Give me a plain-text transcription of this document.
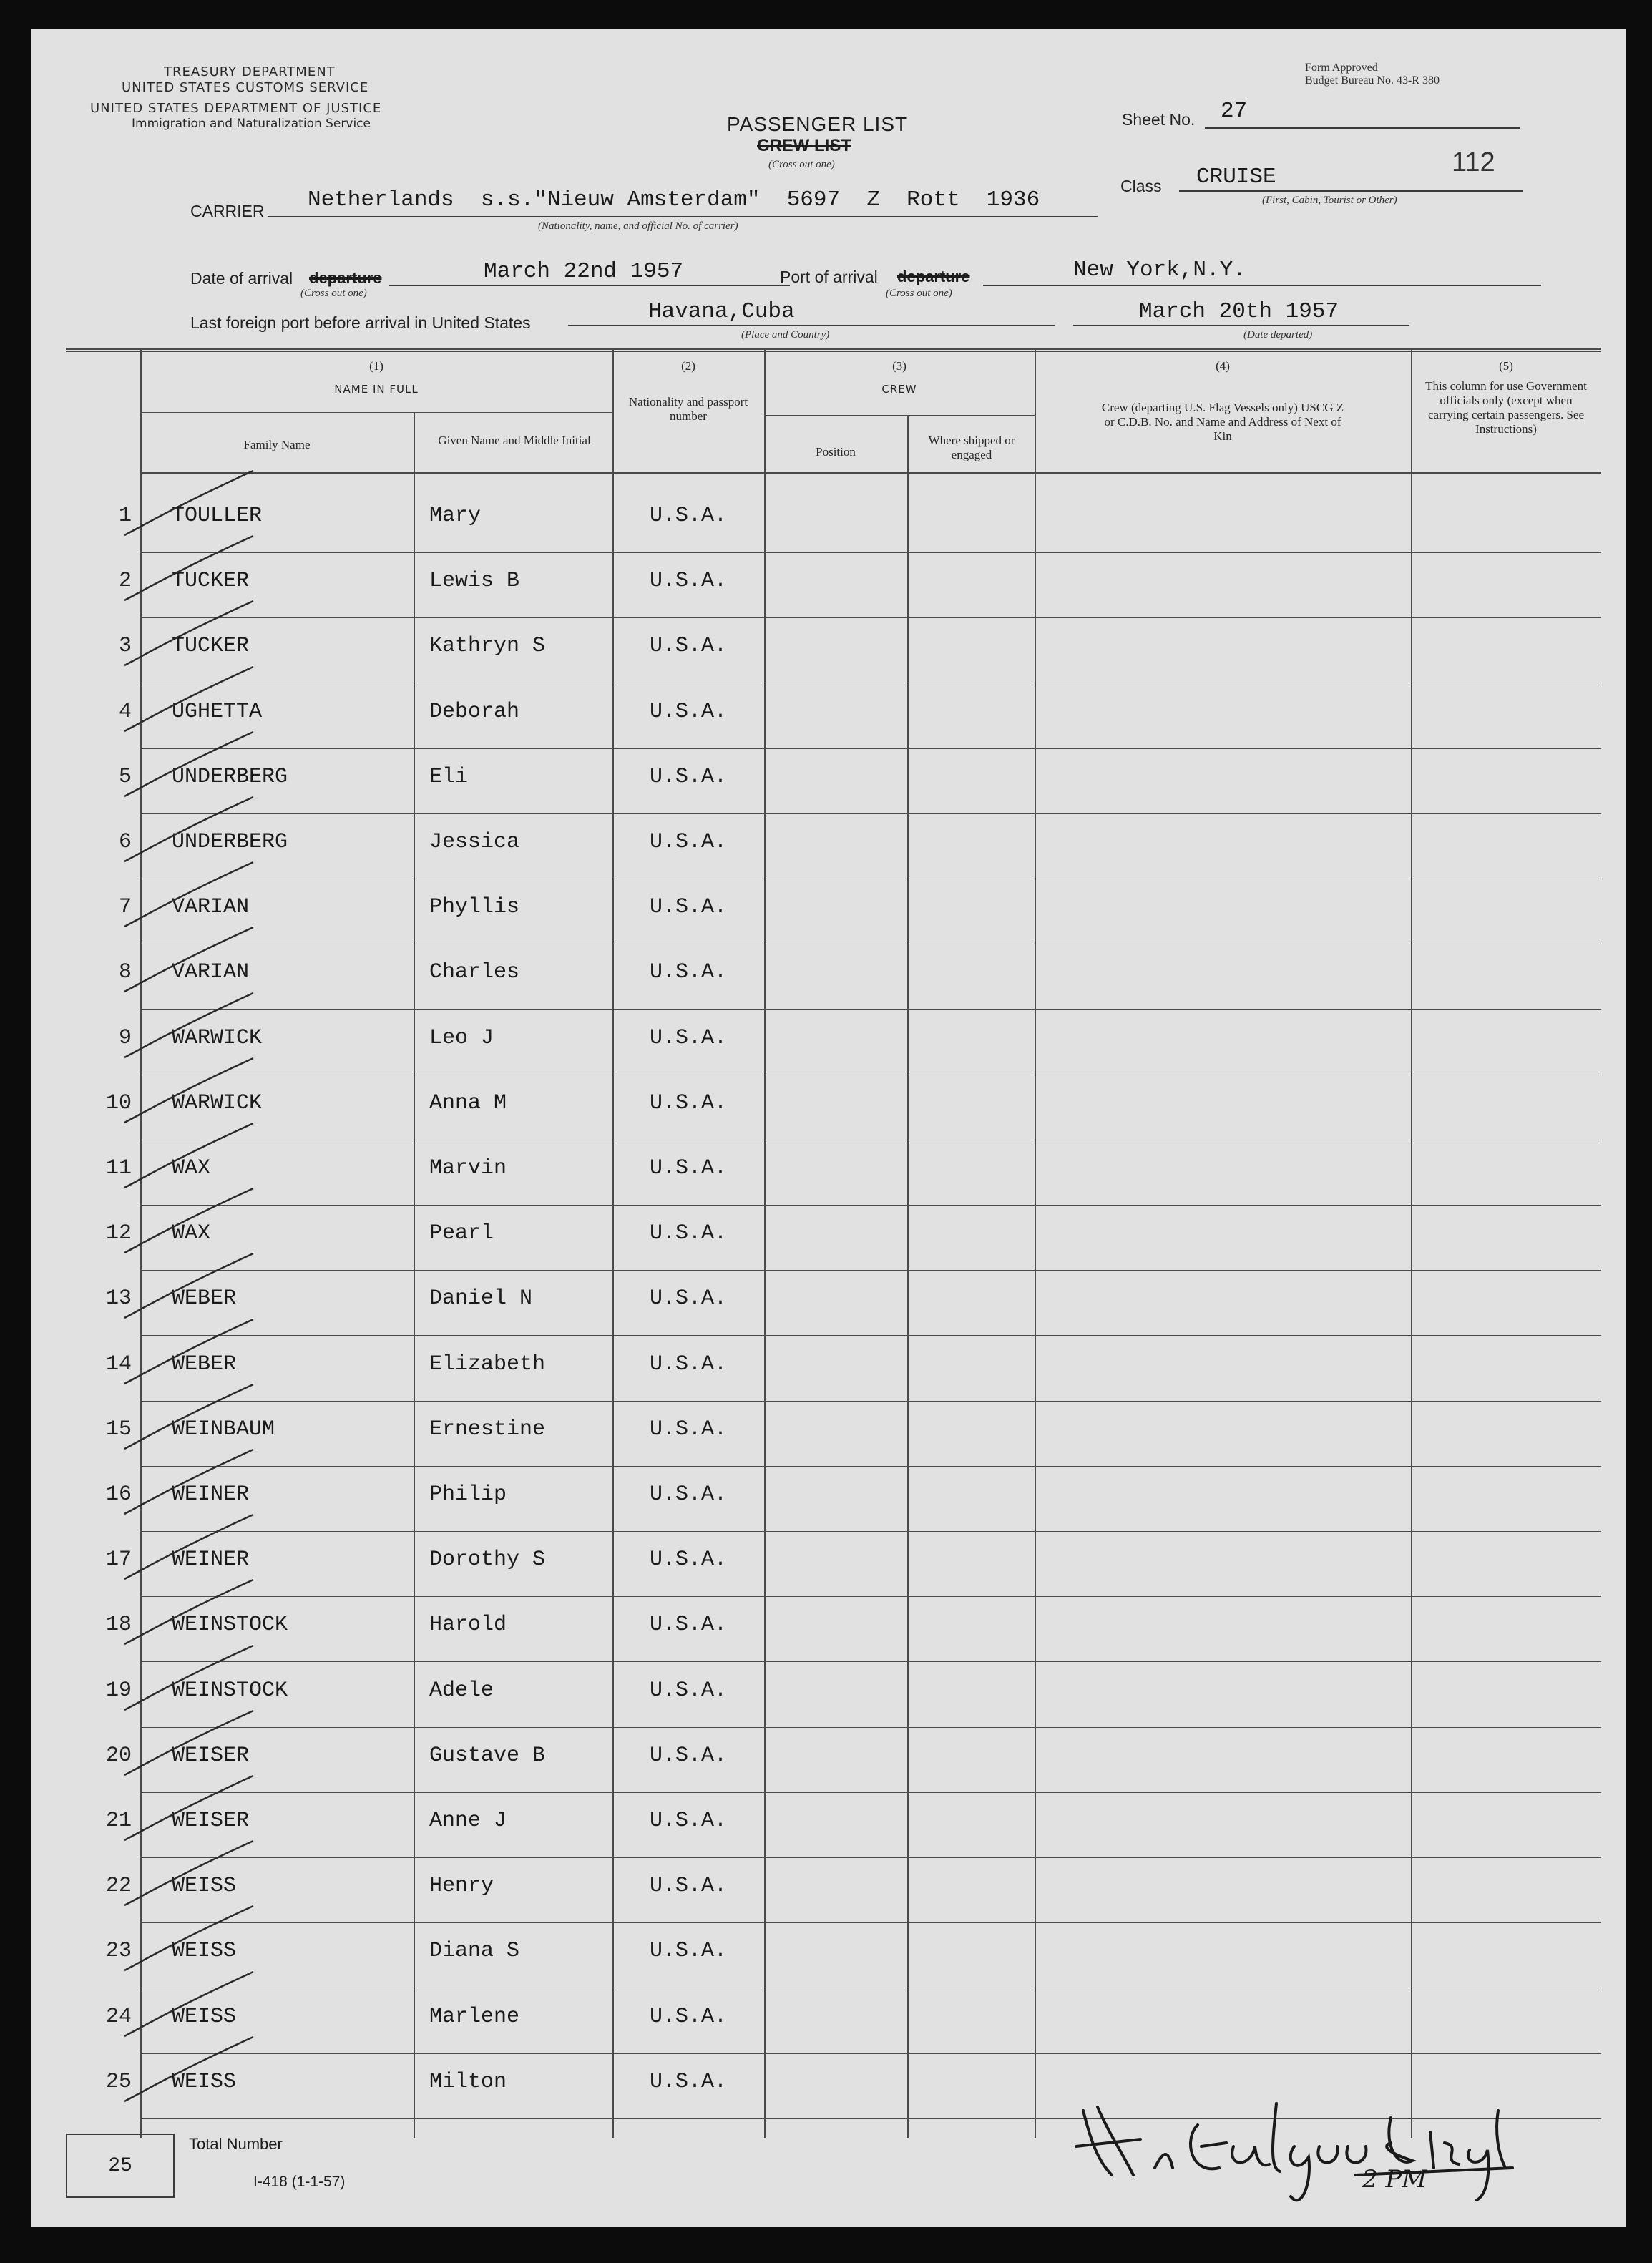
TREASURY DEPARTMENT
UNITED STATES CUSTOMS SERVICE
UNITED STATES DEPARTMENT OF JUSTICE
Immigration and Naturalization Service	PASSENGER LIST
CREW LIST
(Cross out one)
Form Approved
Budget Bureau No. 43-R 380
Sheet No. 27
112
Class CRUISE
(First, Cabin, Tourist or Other)
CARRIER Netherlands  s.s."Nieuw Amsterdam"  5697  Z  Rott  1936
(Nationality, name, and official No. of carrier)
Date of arrival departure
(Cross out one)
March 22nd 1957	Port of arrival departure
(Cross out one)
New York,N.Y.
Last foreign port before arrival in United States	Havana,Cuba
(Place and Country)
March 20th 1957
(Date departed)
(1)
NAME IN FULL
Family Name	Given Name and Middle Initial
(2)
Nationality and passport number
(3)
CREW
Position
Where shipped or engaged
(4)
Crew (departing U.S. Flag Vessels only) USCG Z or C.D.B. No. and Name and Address of Next of Kin
(5)
This column for use Government officials only (except when carrying certain passengers. See Instructions)
1 TOULLER	Mary	U.S.A.
2 TUCKER	Lewis B	U.S.A.
3 TUCKER	Kathryn S	U.S.A.
4 UGHETTA	Deborah	U.S.A.
5 UNDERBERG	Eli	U.S.A.
6 UNDERBERG	Jessica	U.S.A.
7 VARIAN	Phyllis	U.S.A.
8 VARIAN	Charles	U.S.A.
9 WARWICK	Leo J	U.S.A.
10 WARWICK	Anna M	U.S.A.
11 WAX	Marvin	U.S.A.
12 WAX	Pearl	U.S.A.
13 WEBER	Daniel N	U.S.A.
14 WEBER	Elizabeth	U.S.A.
15 WEINBAUM	Ernestine	U.S.A.
16 WEINER	Philip	U.S.A.
17 WEINER	Dorothy S	U.S.A.
18 WEINSTOCK	Harold	U.S.A.
19 WEINSTOCK	Adele	U.S.A.
20 WEISER	Gustave B	U.S.A.
21 WEISER	Anne J	U.S.A.
22 WEISS	Henry	U.S.A.
23 WEISS	Diana S	U.S.A.
24 WEISS	Marlene	U.S.A.
25 WEISS	Milton	U.S.A.
25
Total Number
I-418 (1-1-57)	2 PM
